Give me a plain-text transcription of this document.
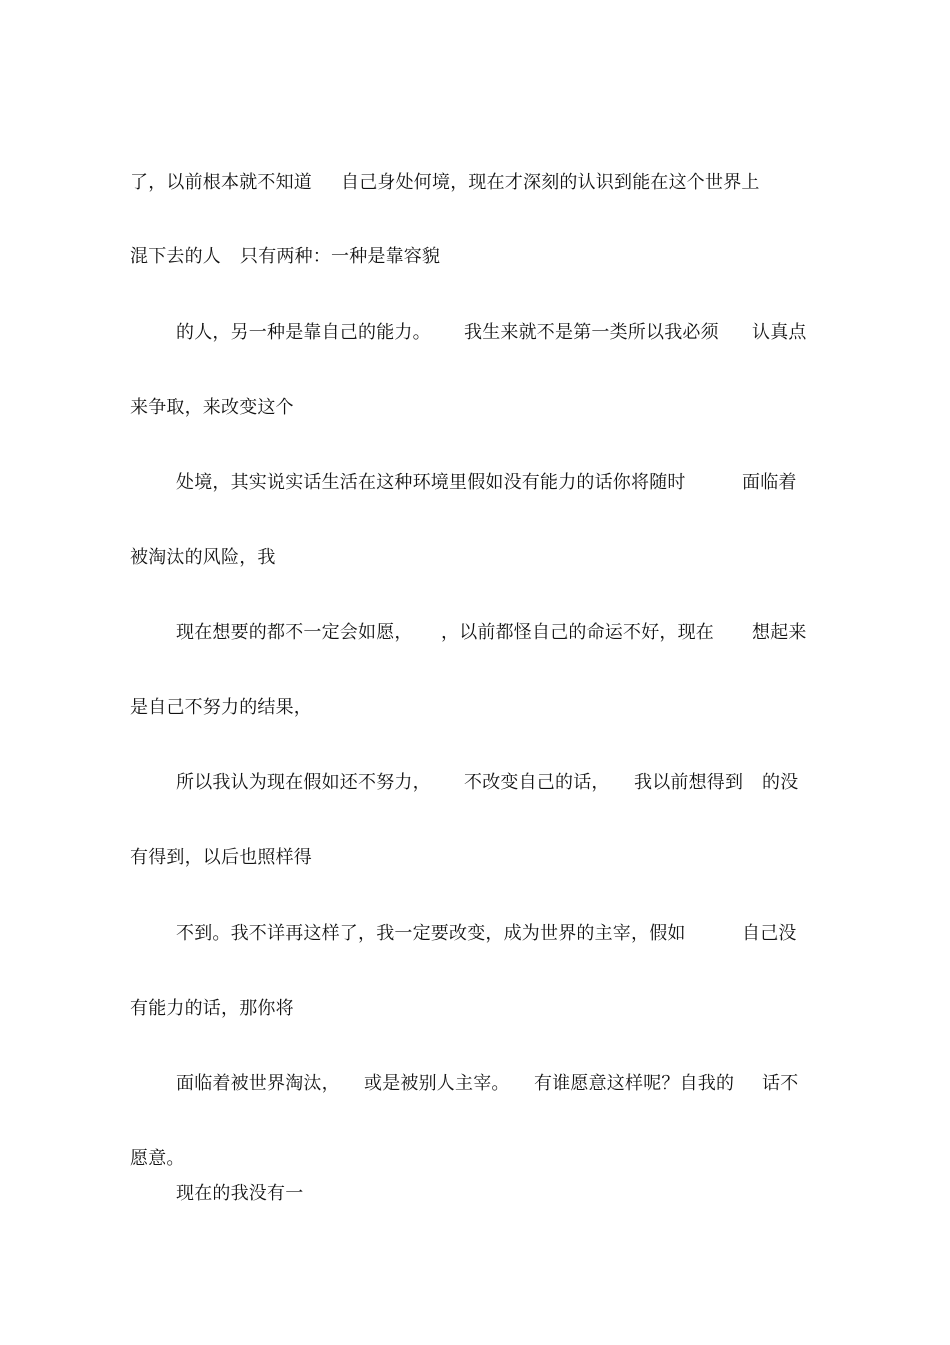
了，以前根本就不知道

自己身处何境，现在才深刻的认识到能在这个世界上

混下去的人

只有两种：一种是靠容貌

的人，另一种是靠自己的能力。

我生来就不是第一类所以我必须

认真点

来争取，来改变这个

处境，其实说实话生活在这种环境里假如没有能力的话你将随时

	面临着

被淘汰的风险，我

现在想要的都不一定会如愿，

，以前都怪自己的命运不好，现在

想起来

是自己不努力的结果，

所以我认为现在假如还不努力，

不改变自己的话，

我以前想得到

的没

有得到，以后也照样得

不到。我不详再这样了，我一定要改变，成为世界的主宰，假如

	自己没

有能力的话，那你将

面临着被世界淘汰，

或是被别人主宰。

有谁愿意这样呢？自我的

话不

愿意。

现在的我没有一
